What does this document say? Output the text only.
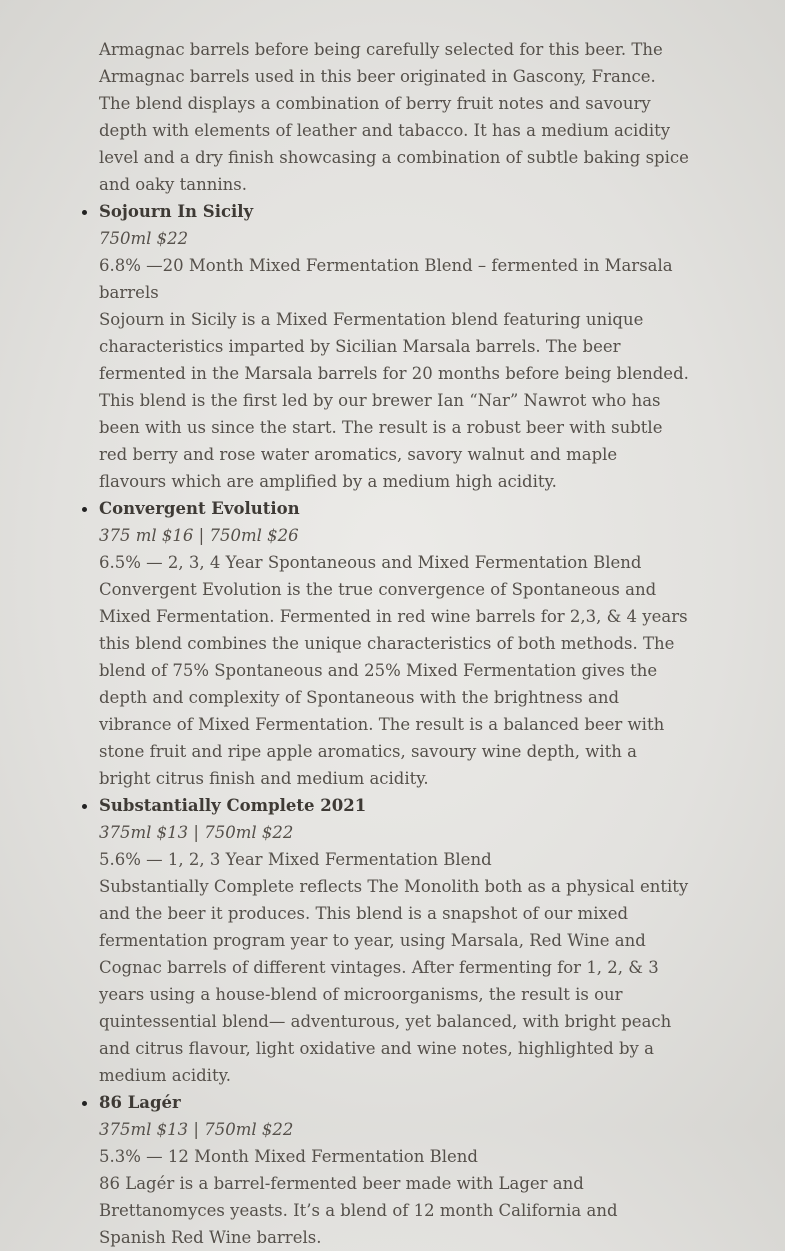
Armagnac barrels before being carefully selected for this beer. The Armagnac barrels used in this beer originated in Gascony, France. The blend displays a combination of berry fruit notes and savoury depth with elements of leather and tabacco. It has a medium acidity level and a dry finish showcasing a combination of subtle baking spice and oaky tannins.
• Sojourn In Sicily
750ml $22
6.8% —20 Month Mixed Fermentation Blend – fermented in Marsala barrels
Sojourn in Sicily is a Mixed Fermentation blend featuring unique characteristics imparted by Sicilian Marsala barrels. The beer fermented in the Marsala barrels for 20 months before being blended. This blend is the first led by our brewer Ian “Nar” Nawrot who has been with us since the start. The result is a robust beer with subtle red berry and rose water aromatics, savory walnut and maple flavours which are amplified by a medium high acidity.
• Convergent Evolution
375 ml $16 | 750ml $26
6.5% — 2, 3, 4 Year Spontaneous and Mixed Fermentation Blend
Convergent Evolution is the true convergence of Spontaneous and Mixed Fermentation. Fermented in red wine barrels for 2,3, & 4 years this blend combines the unique characteristics of both methods. The blend of 75% Spontaneous and 25% Mixed Fermentation gives the depth and complexity of Spontaneous with the brightness and vibrance of Mixed Fermentation. The result is a balanced beer with stone fruit and ripe apple aromatics, savoury wine depth, with a bright citrus finish and medium acidity.
• Substantially Complete 2021
375ml $13 | 750ml $22
5.6% — 1, 2, 3 Year Mixed Fermentation Blend
Substantially Complete reflects The Monolith both as a physical entity and the beer it produces. This blend is a snapshot of our mixed fermentation program year to year, using Marsala, Red Wine and Cognac barrels of different vintages. After fermenting for 1, 2, & 3 years using a house-blend of microorganisms, the result is our quintessential blend— adventurous, yet balanced, with bright peach and citrus flavour, light oxidative and wine notes, highlighted by a medium acidity.
• 86 Lagér
375ml $13 | 750ml $22
5.3% — 12 Month Mixed Fermentation Blend
86 Lagér is a barrel-fermented beer made with Lager and Brettanomyces yeasts. It’s a blend of 12 month California and Spanish Red Wine barrels.
